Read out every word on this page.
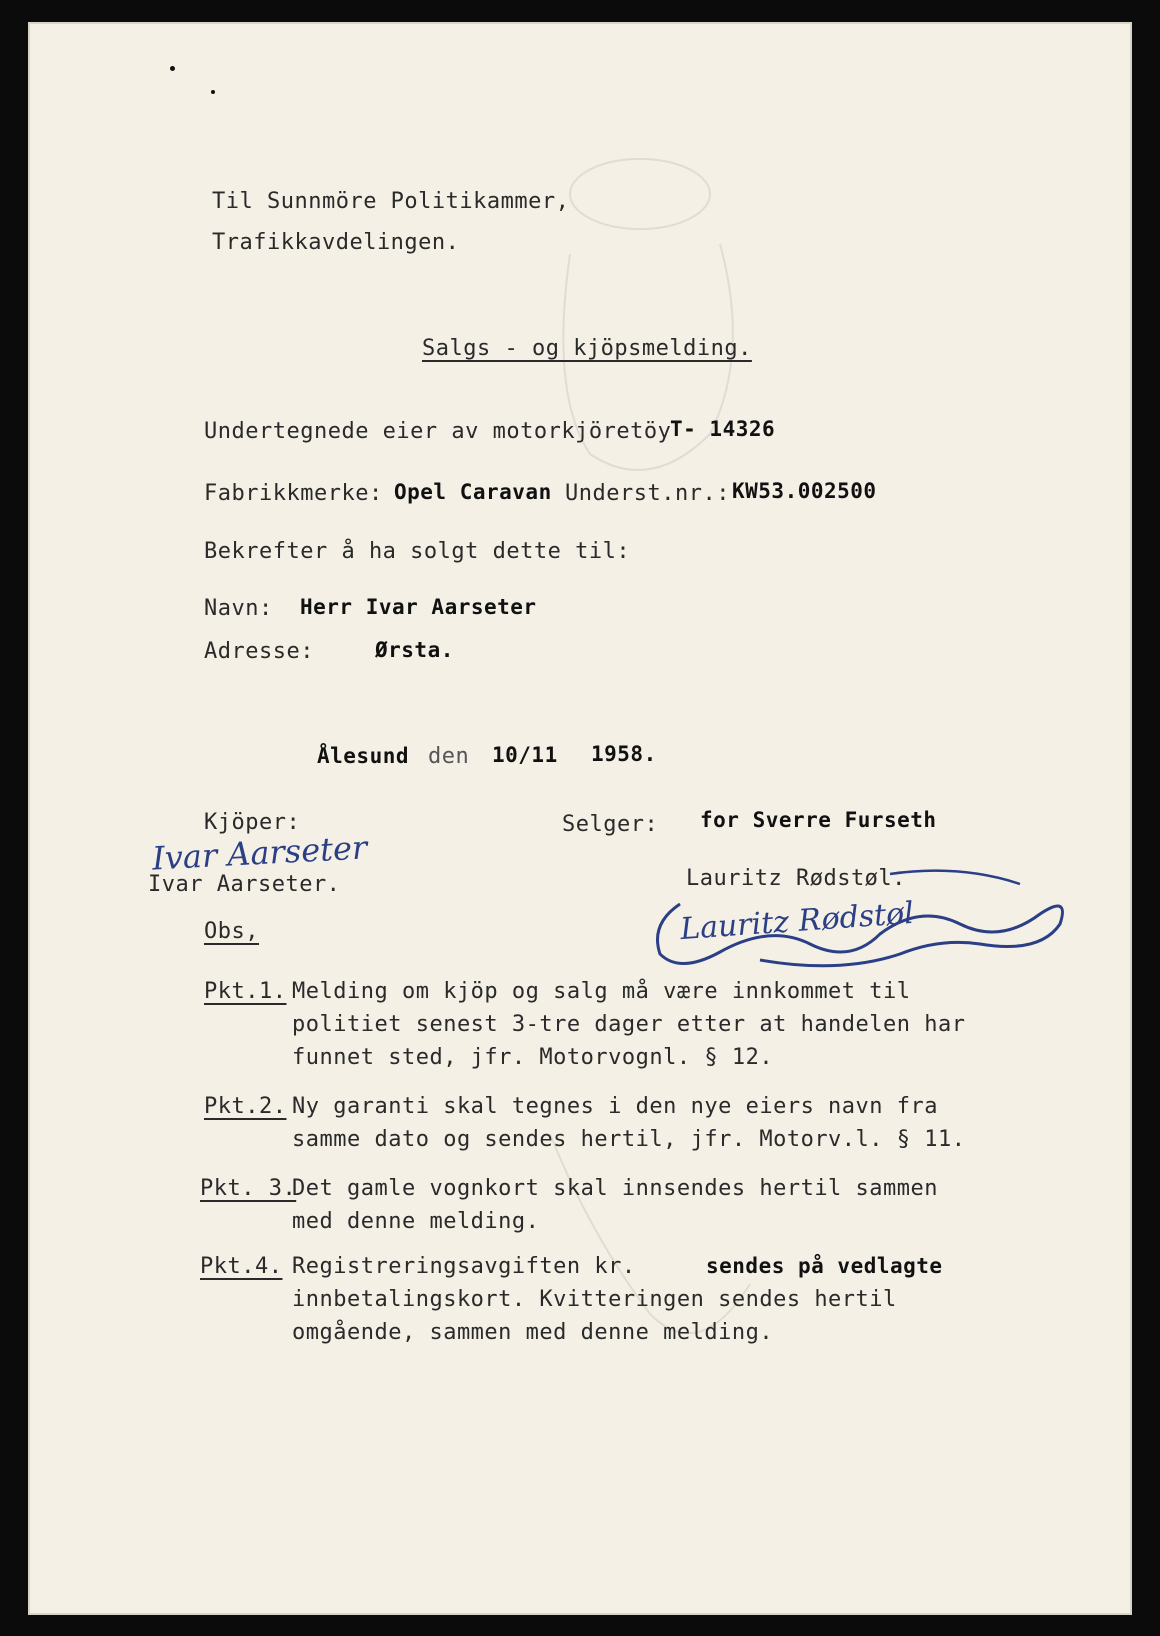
Til Sunnmöre Politikammer,
Trafikkavdelingen.
Salgs - og kjöpsmelding.
Undertegnede eier av motorkjöretöy
T- 14326
Fabrikkmerke: Opel Caravan Underst.nr.: KW53.002500
Bekrefter å ha solgt dette til:
Navn: Herr Ivar Aarseter
Adresse:	Ørsta.
Ålesund den 10/11 1958.
Kjöper:	Selger: for Sverre Furseth
Ivar Aarseter
Ivar Aarseter.	Lauritz Rødstøl.
Lauritz Rødstøl
Obs,
Pkt.1. Melding om kjöp og salg må være innkommet til
politiet senest 3-tre dager etter at handelen har
funnet sted, jfr. Motorvognl. § 12.
Pkt.2. Ny garanti skal tegnes i den nye eiers navn fra
samme dato og sendes hertil, jfr. Motorv.l. § 11.
Pkt. 3.
Det gamle vognkort skal innsendes hertil sammen
med denne melding.
Pkt.4. Registreringsavgiften kr.	sendes på vedlagte
innbetalingskort. Kvitteringen sendes hertil
omgående, sammen med denne melding.
